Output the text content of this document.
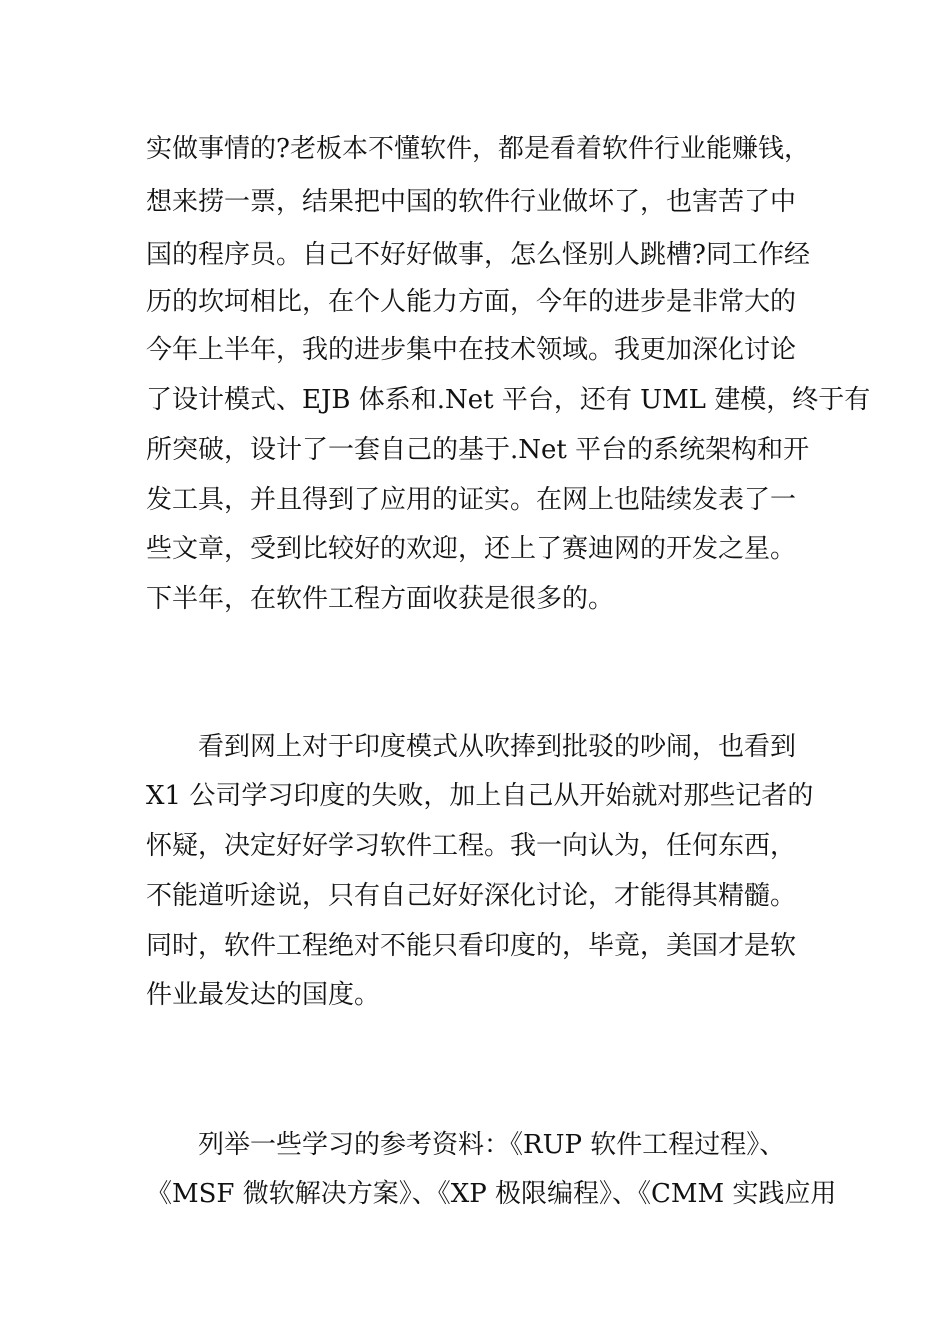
实做事情的?老板本不懂软件，都是看着软件行业能赚钱，
想来捞一票，结果把中国的软件行业做坏了，也害苦了中
国的程序员。自己不好好做事，怎么怪别人跳槽?同工作经
历的坎坷相比，在个人能力方面，今年的进步是非常大的
今年上半年，我的进步集中在技术领域。我更加深化讨论
了设计模式、EJB 体系和.Net 平台，还有 UML 建模，终于有
所突破，设计了一套自己的基于.Net 平台的系统架构和开
发工具，并且得到了应用的证实。在网上也陆续发表了一
些文章，受到比较好的欢迎，还上了赛迪网的开发之星。
下半年，在软件工程方面收获是很多的。
看到网上对于印度模式从吹捧到批驳的吵闹，也看到
X1 公司学习印度的失败，加上自己从开始就对那些记者的
怀疑，决定好好学习软件工程。我一向认为，任何东西，
不能道听途说，只有自己好好深化讨论，才能得其精髓。
同时，软件工程绝对不能只看印度的，毕竟，美国才是软
件业最发达的国度。
列举一些学习的参考资料：《RUP 软件工程过程》、
《MSF 微软解决方案》、《XP 极限编程》、《CMM 实践应用
